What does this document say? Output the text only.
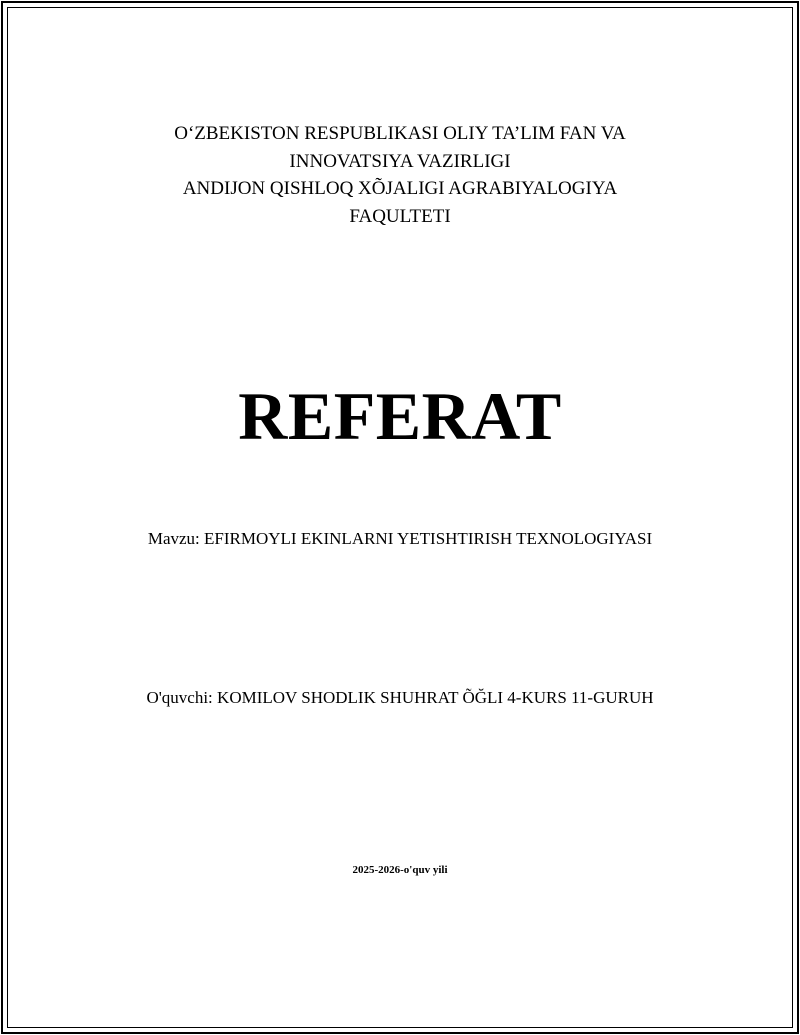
O‘ZBEKISTON RESPUBLIKASI OLIY TA’LIM FAN VA
INNOVATSIYA VAZIRLIGI
ANDIJON QISHLOQ XÕJALIGI AGRABIYALOGIYA
FAQULTETI
REFERAT
Mavzu: EFIRMOYLI EKINLARNI YETISHTIRISH TEXNOLOGIYASI
O'quvchi: KOMILOV SHODLIK SHUHRAT ÕĞLI 4-KURS 11-GURUH
2025-2026-o'quv yili
